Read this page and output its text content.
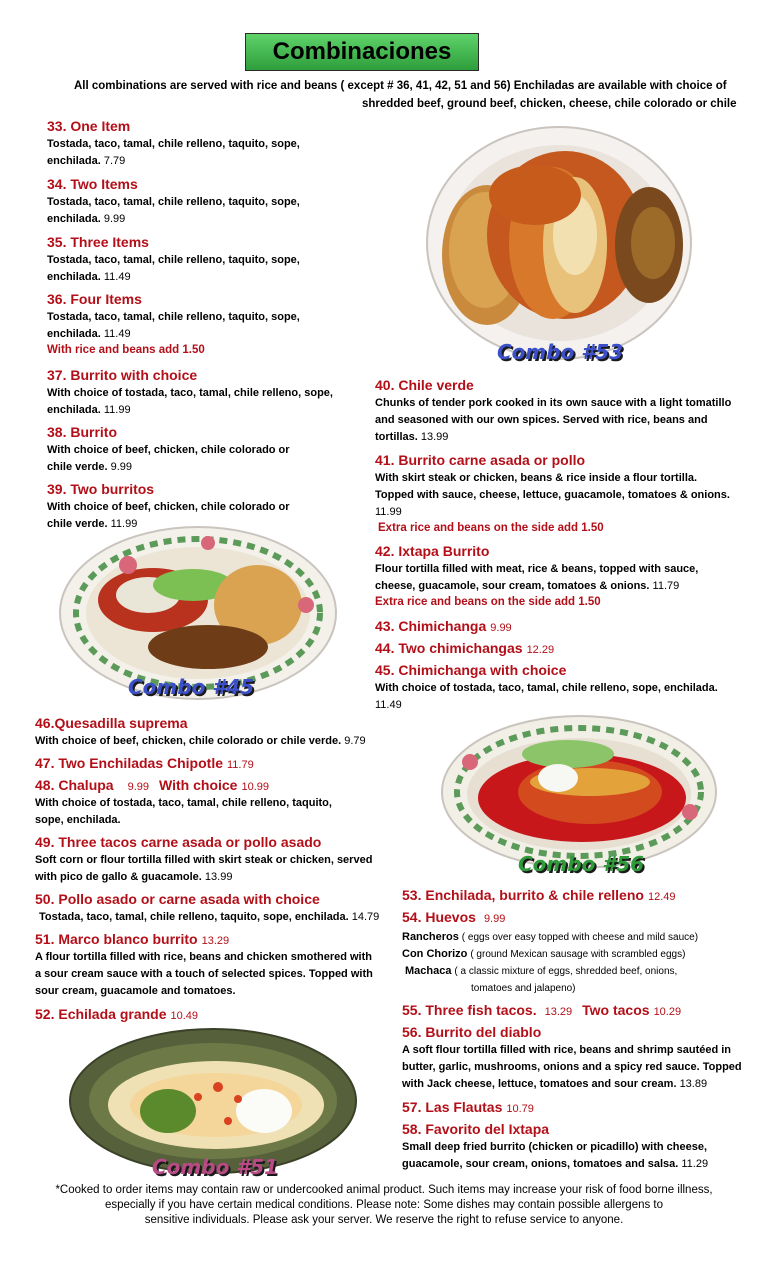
Combinaciones
All combinations are served with rice and beans ( except # 36, 41, 42, 51 and 56) Enchiladas are available with choice of
shredded beef, ground beef, chicken, cheese, chile colorado or chile
33. One Item
Tostada, taco, tamal, chile relleno, taquito, sope,
enchilada. 7.79
34. Two Items
Tostada, taco, tamal, chile relleno, taquito, sope,
enchilada. 9.99
35. Three Items
Tostada, taco, tamal, chile relleno, taquito, sope,
enchilada. 11.49
36. Four Items
Tostada, taco, tamal, chile relleno, taquito, sope,
enchilada. 11.49
With rice and beans add 1.50
37. Burrito with choice
With choice of tostada, taco, tamal, chile relleno, sope,
enchilada. 11.99
38. Burrito
With choice of beef, chicken, chile colorado or
chile verde. 9.99
39. Two burritos
With choice of beef, chicken, chile colorado or
chile verde. 11.99
Combo #53
40. Chile verde
Chunks of tender pork cooked in its own sauce with a light tomatillo
and seasoned with our own spices. Served with rice, beans and
tortillas. 13.99
41. Burrito carne asada or pollo
With skirt steak or chicken, beans & rice inside a flour tortilla.
Topped with sauce, cheese, lettuce, guacamole, tomatoes & onions.
11.99
Extra rice and beans on the side add 1.50
42. Ixtapa Burrito
Flour tortilla filled with meat, rice & beans, topped with sauce,
cheese, guacamole, sour cream, tomatoes & onions. 11.79
Extra rice and beans on the side add 1.50
43. Chimichanga 9.99
44. Two chimichangas 12.29
45. Chimichanga with choice
With choice of tostada, taco, tamal, chile relleno, sope, enchilada.
11.49
Combo #45
46.Quesadilla suprema
With choice of beef, chicken, chile colorado or chile verde. 9.79
47. Two Enchiladas Chipotle 11.79
48. Chalupa 9.99 With choice 10.99
With choice of tostada, taco, tamal, chile relleno, taquito,
sope, enchilada.
49. Three tacos carne asada or pollo asado
Soft corn or flour tortilla filled with skirt steak or chicken, served
with pico de gallo & guacamole. 13.99
50. Pollo asado or carne asada with choice
Tostada, taco, tamal, chile relleno, taquito, sope, enchilada. 14.79
51. Marco blanco burrito 13.29
A flour tortilla filled with rice, beans and chicken smothered with
a sour cream sauce with a touch of selected spices. Topped with
sour cream, guacamole and tomatoes.
52. Echilada grande 10.49
Combo #56
53. Enchilada, burrito & chile relleno 12.49
54. Huevos 9.99
Rancheros ( eggs over easy topped with cheese and mild sauce)
Con Chorizo ( ground Mexican sausage with scrambled eggs)
Machaca ( a classic mixture of eggs, shredded beef, onions,
tomatoes and jalapeno)
55. Three fish tacos. 13.29 Two tacos 10.29
56. Burrito del diablo
A soft flour tortilla filled with rice, beans and shrimp sautéed in
butter, garlic, mushrooms, onions and a spicy red sauce. Topped
with Jack cheese, lettuce, tomatoes and sour cream. 13.89
57. Las Flautas 10.79
58. Favorito del Ixtapa
Small deep fried burrito (chicken or picadillo) with cheese,
guacamole, sour cream, onions, tomatoes and salsa. 11.29
Combo #51
*Cooked to order items may contain raw or undercooked animal product. Such items may increase your risk of food borne illness,
especially if you have certain medical conditions. Please note: Some dishes may contain possible allergens to
sensitive individuals. Please ask your server. We reserve the right to refuse service to anyone.
